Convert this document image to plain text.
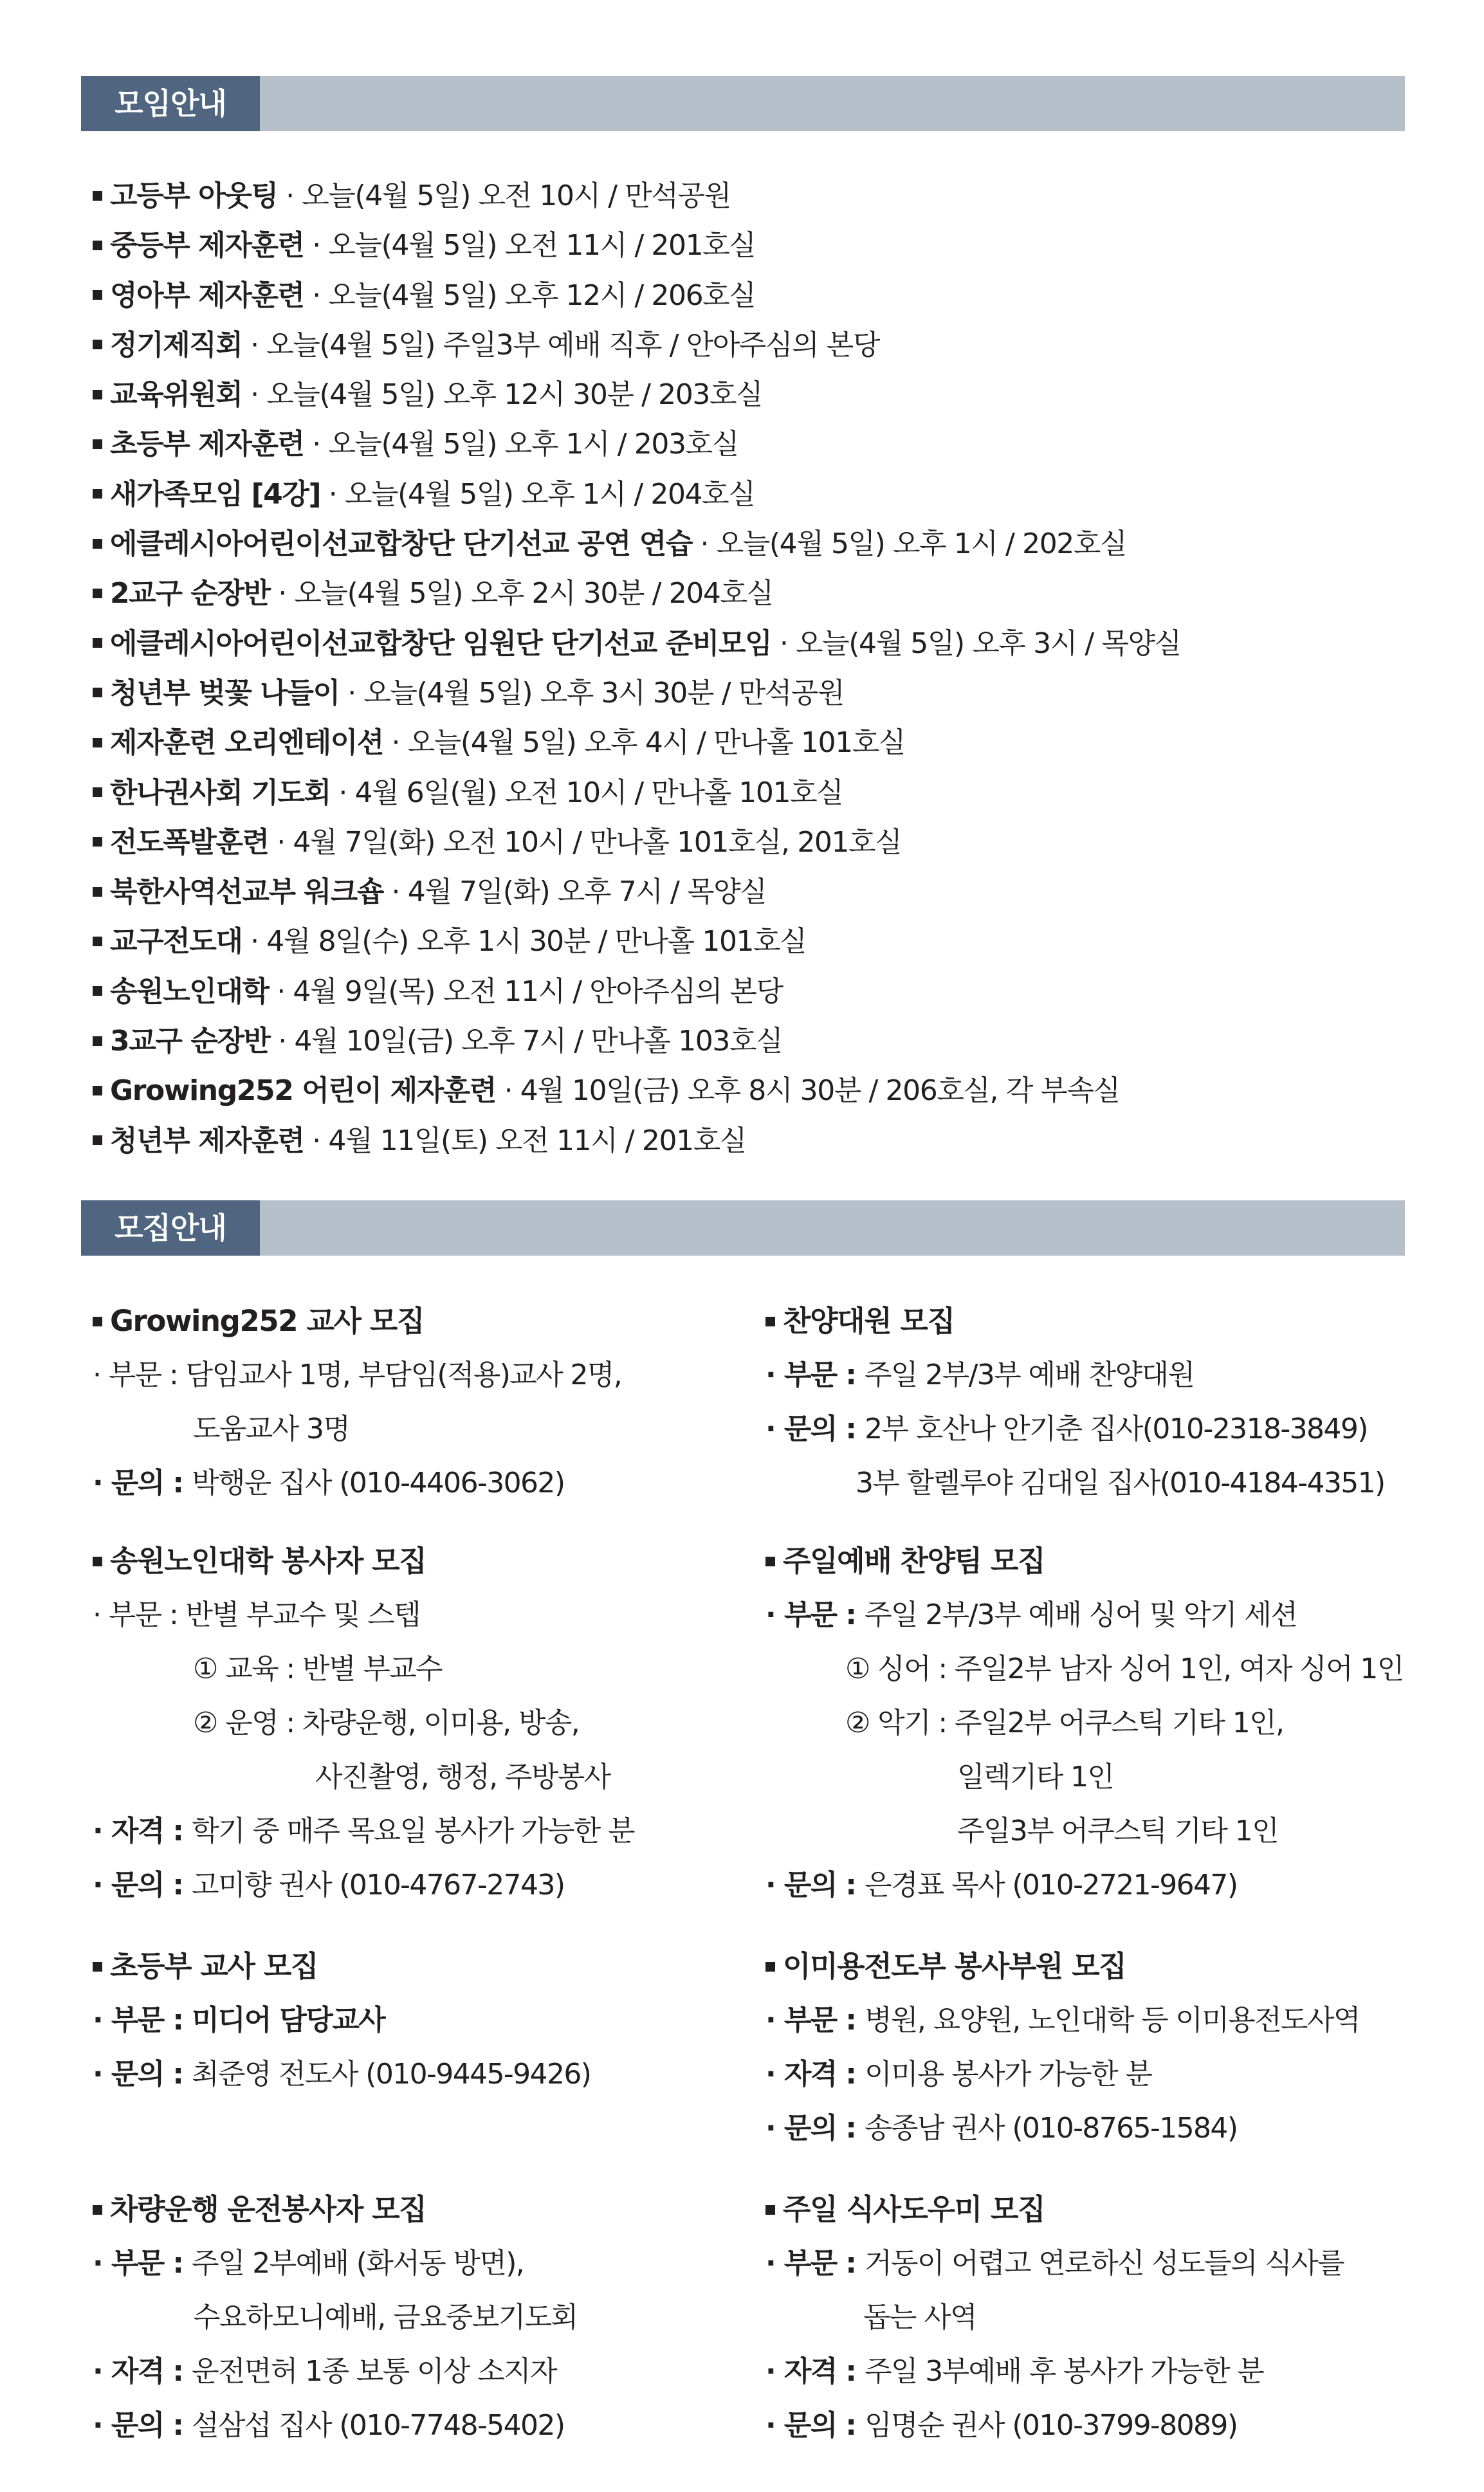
모임안내
고등부 아웃팅 · 오늘(4월 5일) 오전 10시 / 만석공원
중등부 제자훈련 · 오늘(4월 5일) 오전 11시 / 201호실
영아부 제자훈련 · 오늘(4월 5일) 오후 12시 / 206호실
정기제직회 · 오늘(4월 5일) 주일3부 예배 직후 / 안아주심의 본당
교육위원회 · 오늘(4월 5일) 오후 12시 30분 / 203호실
초등부 제자훈련 · 오늘(4월 5일) 오후 1시 / 203호실
새가족모임 [4강] · 오늘(4월 5일) 오후 1시 / 204호실
에클레시아어린이선교합창단 단기선교 공연 연습 · 오늘(4월 5일) 오후 1시 / 202호실
2교구 순장반 · 오늘(4월 5일) 오후 2시 30분 / 204호실
에클레시아어린이선교합창단 임원단 단기선교 준비모임 · 오늘(4월 5일) 오후 3시 / 목양실
청년부 벚꽃 나들이 · 오늘(4월 5일) 오후 3시 30분 / 만석공원
제자훈련 오리엔테이션 · 오늘(4월 5일) 오후 4시 / 만나홀 101호실
한나권사회 기도회 · 4월 6일(월) 오전 10시 / 만나홀 101호실
전도폭발훈련 · 4월 7일(화) 오전 10시 / 만나홀 101호실, 201호실
북한사역선교부 워크숍 · 4월 7일(화) 오후 7시 / 목양실
교구전도대 · 4월 8일(수) 오후 1시 30분 / 만나홀 101호실
송원노인대학 · 4월 9일(목) 오전 11시 / 안아주심의 본당
3교구 순장반 · 4월 10일(금) 오후 7시 / 만나홀 103호실
Growing252 어린이 제자훈련 · 4월 10일(금) 오후 8시 30분 / 206호실, 각 부속실
청년부 제자훈련 · 4월 11일(토) 오전 11시 / 201호실
모집안내
Growing252 교사 모집
· 부문 : 담임교사 1명, 부담임(적용)교사 2명,
도움교사 3명
· 문의 : 박행운 집사 (010-4406-3062)
송원노인대학 봉사자 모집
· 부문 : 반별 부교수 및 스텝
① 교육 : 반별 부교수
② 운영 : 차량운행, 이미용, 방송,
사진촬영, 행정, 주방봉사
· 자격 : 학기 중 매주 목요일 봉사가 가능한 분
· 문의 : 고미향 권사 (010-4767-2743)
초등부 교사 모집
· 부문 : 미디어 담당교사
· 문의 : 최준영 전도사 (010-9445-9426)
차량운행 운전봉사자 모집
· 부문 : 주일 2부예배 (화서동 방면),
수요하모니예배, 금요중보기도회
· 자격 : 운전면허 1종 보통 이상 소지자
· 문의 : 설삼섭 집사 (010-7748-5402)
찬양대원 모집
· 부문 : 주일 2부/3부 예배 찬양대원
· 문의 : 2부 호산나 안기춘 집사(010-2318-3849)
3부 할렐루야 김대일 집사(010-4184-4351)
주일예배 찬양팀 모집
· 부문 : 주일 2부/3부 예배 싱어 및 악기 세션
① 싱어 : 주일2부 남자 싱어 1인, 여자 싱어 1인
② 악기 : 주일2부 어쿠스틱 기타 1인,
일렉기타 1인
주일3부 어쿠스틱 기타 1인
· 문의 : 은경표 목사 (010-2721-9647)
이미용전도부 봉사부원 모집
· 부문 : 병원, 요양원, 노인대학 등 이미용전도사역
· 자격 : 이미용 봉사가 가능한 분
· 문의 : 송종남 권사 (010-8765-1584)
주일 식사도우미 모집
· 부문 : 거동이 어렵고 연로하신 성도들의 식사를
돕는 사역
· 자격 : 주일 3부예배 후 봉사가 가능한 분
· 문의 : 임명순 권사 (010-3799-8089)
